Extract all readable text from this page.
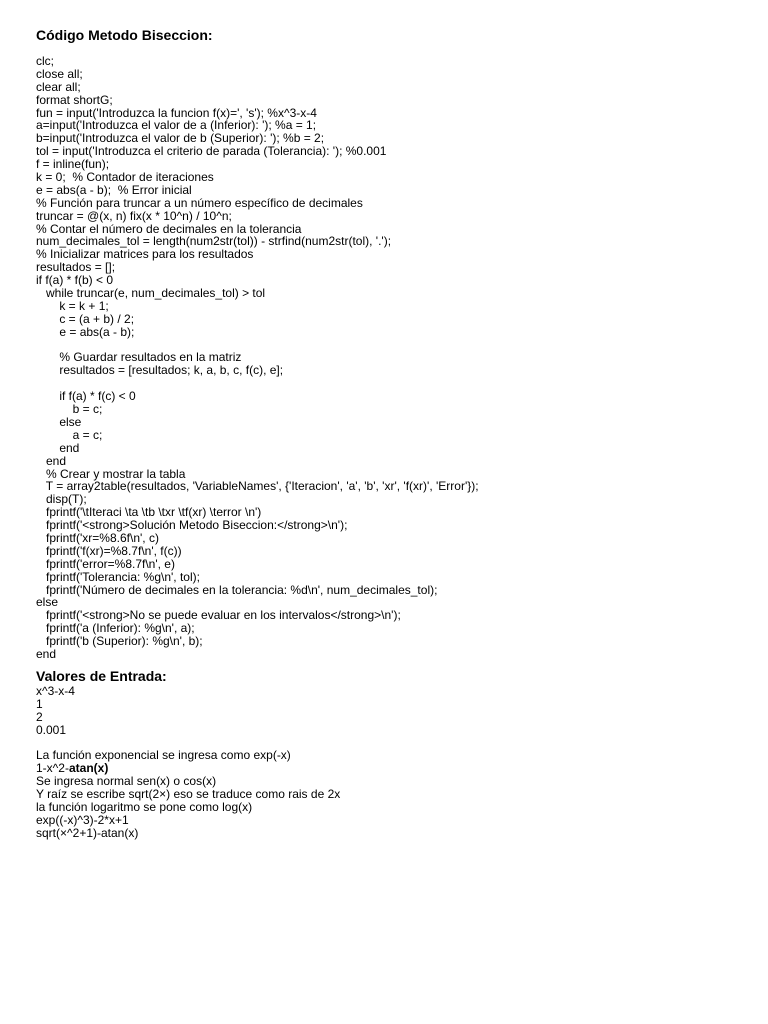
Código Metodo Biseccion:
clc;
close all;
clear all;
format shortG;
fun = input('Introduzca la funcion f(x)=', 's'); %x^3-x-4
a=input('Introduzca el valor de a (Inferior): '); %a = 1;
b=input('Introduzca el valor de b (Superior): '); %b = 2;
tol = input('Introduzca el criterio de parada (Tolerancia): '); %0.001
f = inline(fun);
k = 0;  % Contador de iteraciones
e = abs(a - b);  % Error inicial
% Función para truncar a un número específico de decimales
truncar = @(x, n) fix(x * 10^n) / 10^n;
% Contar el número de decimales en la tolerancia
num_decimales_tol = length(num2str(tol)) - strfind(num2str(tol), '.');
% Inicializar matrices para los resultados
resultados = [];
if f(a) * f(b) < 0
while truncar(e, num_decimales_tol) > tol
k = k + 1;
c = (a + b) / 2;
e = abs(a - b);
% Guardar resultados en la matriz
resultados = [resultados; k, a, b, c, f(c), e];
if f(a) * f(c) < 0
b = c;
else
a = c;
end
end
% Crear y mostrar la tabla
T = array2table(resultados, 'VariableNames', {'Iteracion', 'a', 'b', 'xr', 'f(xr)', 'Error'});
disp(T);
fprintf('\tIteraci \ta \tb \txr \tf(xr) \terror \n')
fprintf('<strong>Solución Metodo Biseccion:</strong>\n');
fprintf('xr=%8.6f\n', c)
fprintf('f(xr)=%8.7f\n', f(c))
fprintf('error=%8.7f\n', e)
fprintf('Tolerancia: %g\n', tol);
fprintf('Número de decimales en la tolerancia: %d\n', num_decimales_tol);
else
fprintf('<strong>No se puede evaluar en los intervalos</strong>\n');
fprintf('a (Inferior): %g\n', a);
fprintf('b (Superior): %g\n', b);
end
Valores de Entrada:
x^3-x-4
1
2
0.001
La función exponencial se ingresa como exp(-x)
1-x^2-atan(x)
Se ingresa normal sen(x) o cos(x)
Y raíz se escribe sqrt(2×) eso se traduce como rais de 2x
la función logaritmo se pone como log(x)
exp((-x)^3)-2*x+1
sqrt(×^2+1)-atan(x)
